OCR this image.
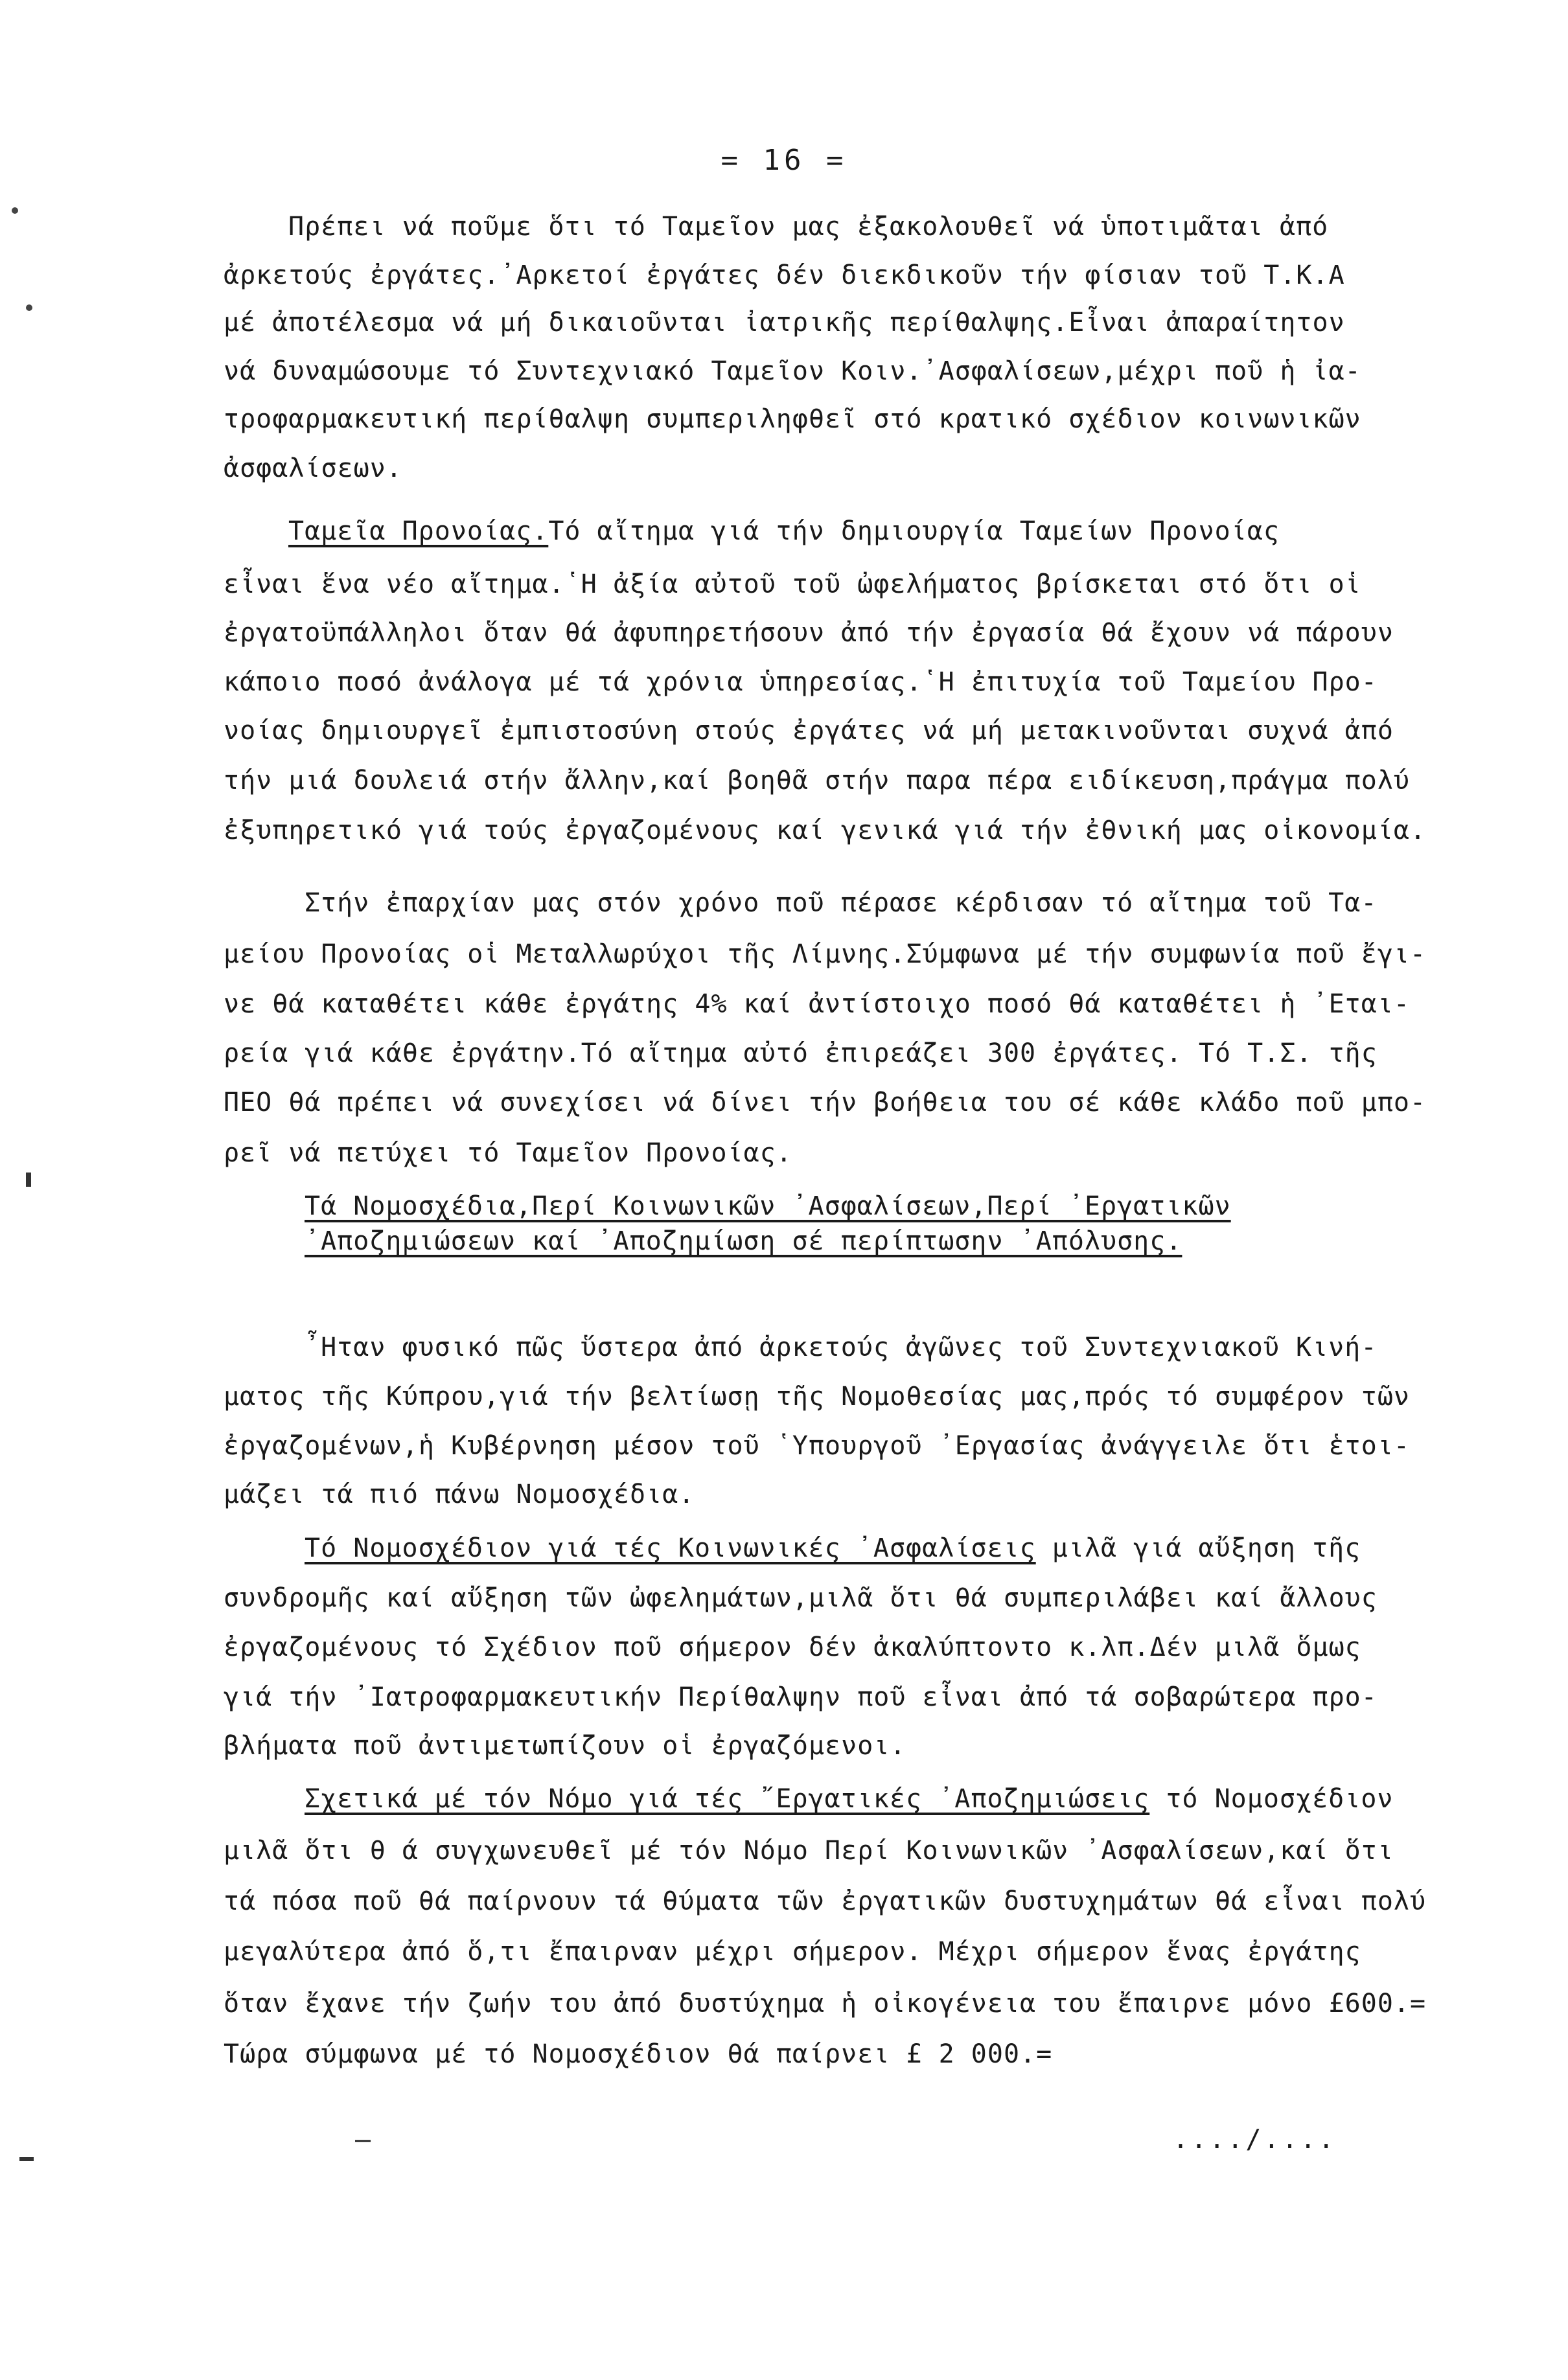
= 16 =
Πρέπει νά ποῦμε ὅτι τό Ταμεῖον μας ἐξακολουθεῖ νά ὑποτιμᾶται ἀπό
ἀρκετούς ἐργάτες.᾿Αρκετοί ἐργάτες δέν διεκδικοῦν τήν φίσιαν τοῦ Τ.Κ.Α
μέ ἀποτέλεσμα νά μή δικαιοῦνται ἰατρικῆς περίθαλψης.Εἶναι ἀπαραίτητον
νά δυναμώσουμε τό Συντεχνιακό Ταμεῖον Κοιν.᾿Ασφαλίσεων,μέχρι ποῦ ἡ ἰα-
τροφαρμακευτική περίθαλψη συμπεριληφθεῖ στό κρατικό σχέδιον κοινωνικῶν
ἀσφαλίσεων.
Ταμεῖα Προνοίας.Τό αἴτημα γιά τήν δημιουργία Ταμείων Προνοίας
εἶναι ἕνα νέο αἴτημα.῾Η ἀξία αὐτοῦ τοῦ ὠφελήματος βρίσκεται στό ὅτι οἱ
ἐργατοϋπάλληλοι ὅταν θά ἀφυπηρετήσουν ἀπό τήν ἐργασία θά ἔχουν νά πάρουν
κάποιο ποσό ἀνάλογα μέ τά χρόνια ὑπηρεσίας.῾Η ἐπιτυχία τοῦ Ταμείου Προ-
νοίας δημιουργεῖ ἐμπιστοσύνη στούς ἐργάτες νά μή μετακινοῦνται συχνά ἀπό
τήν μιά δουλειά στήν ἄλλην,καί βοηθᾶ στήν παρα πέρα ειδίκευση,πράγμα πολύ
ἐξυπηρετικό γιά τούς ἐργαζομένους καί γενικά γιά τήν ἐθνική μας οἰκονομία.
Στήν ἐπαρχίαν μας στόν χρόνο ποῦ πέρασε κέρδισαν τό αἴτημα τοῦ Τα-
μείου Προνοίας οἱ Μεταλλωρύχοι τῆς Λίμνης.Σύμφωνα μέ τήν συμφωνία ποῦ ἔγι-
νε θά καταθέτει κάθε ἐργάτης 4% καί ἀντίστοιχο ποσό θά καταθέτει ἡ ᾿Εται-
ρεία γιά κάθε ἐργάτην.Τό αἴτημα αὐτό ἐπιρεάζει 300 ἐργάτες. Τό Τ.Σ. τῆς
ΠΕΟ θά πρέπει νά συνεχίσει νά δίνει τήν βοήθεια του σέ κάθε κλάδο ποῦ μπο-
ρεῖ νά πετύχει τό Ταμεῖον Προνοίας.
Τά Νομοσχέδια,Περί Κοινωνικῶν ᾿Ασφαλίσεων,Περί ᾿Εργατικῶν
᾿Αποζημιώσεων καί ᾿Αποζημίωση σέ περίπτωσην ᾿Απόλυσης.
῏Ηταν φυσικό πῶς ὕστερα ἀπό ἀρκετούς ἀγῶνες τοῦ Συντεχνιακοῦ Κινή-
ματος τῆς Κύπρου,γιά τήν βελτίωσῃ τῆς Νομοθεσίας μας,πρός τό συμφέρον τῶν
ἐργαζομένων,ἡ Κυβέρνηση μέσον τοῦ ῾Υπουργοῦ ᾿Εργασίας ἀνάγγειλε ὅτι ἑτοι-
μάζει τά πιό πάνω Νομοσχέδια.
Τό Νομοσχέδιον γιά τές Κοινωνικές ᾿Ασφαλίσεις μιλᾶ γιά αὔξηση τῆς
συνδρομῆς καί αὔξηση τῶν ὠφελημάτων,μιλᾶ ὅτι θά συμπεριλάβει καί ἄλλους
ἐργαζομένους τό Σχέδιον ποῦ σήμερον δέν ἀκαλύπτοντο κ.λπ.Δέν μιλᾶ ὅμως
γιά τήν ᾿Ιατροφαρμακευτικήν Περίθαλψην ποῦ εἶναι ἀπό τά σοβαρώτερα προ-
βλήματα ποῦ ἀντιμετωπίζουν οἱ ἐργαζόμενοι.
Σχετικά μέ τόν Νόμο γιά τές ῎Εργατικές ᾿Αποζημιώσεις τό Νομοσχέδιον
μιλᾶ ὅτι θ ά συγχωνευθεῖ μέ τόν Νόμο Περί Κοινωνικῶν ᾿Ασφαλίσεων,καί ὅτι
τά πόσα ποῦ θά παίρνουν τά θύματα τῶν ἐργατικῶν δυστυχημάτων θά εἶναι πολύ
μεγαλύτερα ἀπό ὅ,τι ἔπαιρναν μέχρι σήμερον. Μέχρι σήμερον ἕνας ἐργάτης
ὅταν ἔχανε τήν ζωήν του ἀπό δυστύχημα ἡ οἰκογένεια του ἔπαιρνε μόνο £600.=
Τώρα σύμφωνα μέ τό Νομοσχέδιον θά παίρνει £ 2 000.=
—	..../....
